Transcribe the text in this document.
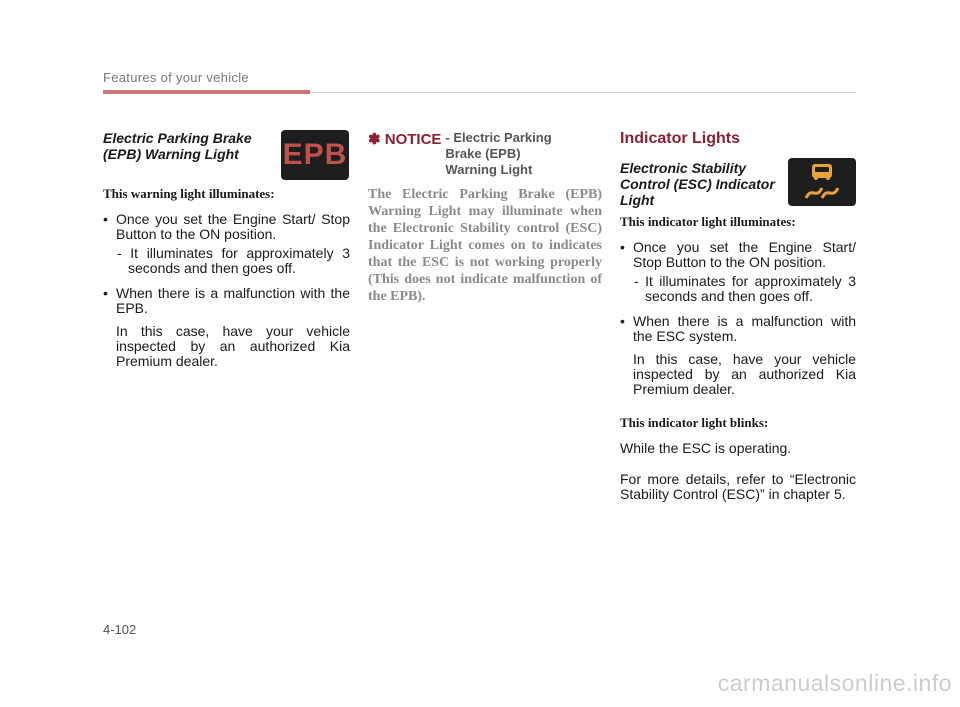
Features of your vehicle

Electric Parking Brake
(EPB) Warning Light	EPB
This warning light illuminates:
• Once you set the Engine Start/ Stop Button to the ON position.
- It illuminates for approximately 3 seconds and then goes off.
• When there is a malfunction with the EPB.
In this case, have your vehicle inspected by an authorized Kia Premium dealer.
✽ NOTICE - Electric Parking
Brake (EPB)
Warning Light
The Electric Parking Brake (EPB) Warning Light may illuminate when the Electronic Stability control (ESC) Indicator Light comes on to indicates that the ESC is not working properly (This does not indicate malfunction of the EPB).

Indicator Lights

Electronic Stability
Control (ESC) Indicator
Light

This indicator light illuminates:
• Once you set the Engine Start/ Stop Button to the ON position.
- It illuminates for approximately 3 seconds and then goes off.
• When there is a malfunction with the ESC system.
In this case, have your vehicle inspected by an authorized Kia Premium dealer.
This indicator light blinks:
While the ESC is operating.
For more details, refer to “Electronic Stability Control (ESC)” in chapter 5.
4-102
carmanualsonline.info
